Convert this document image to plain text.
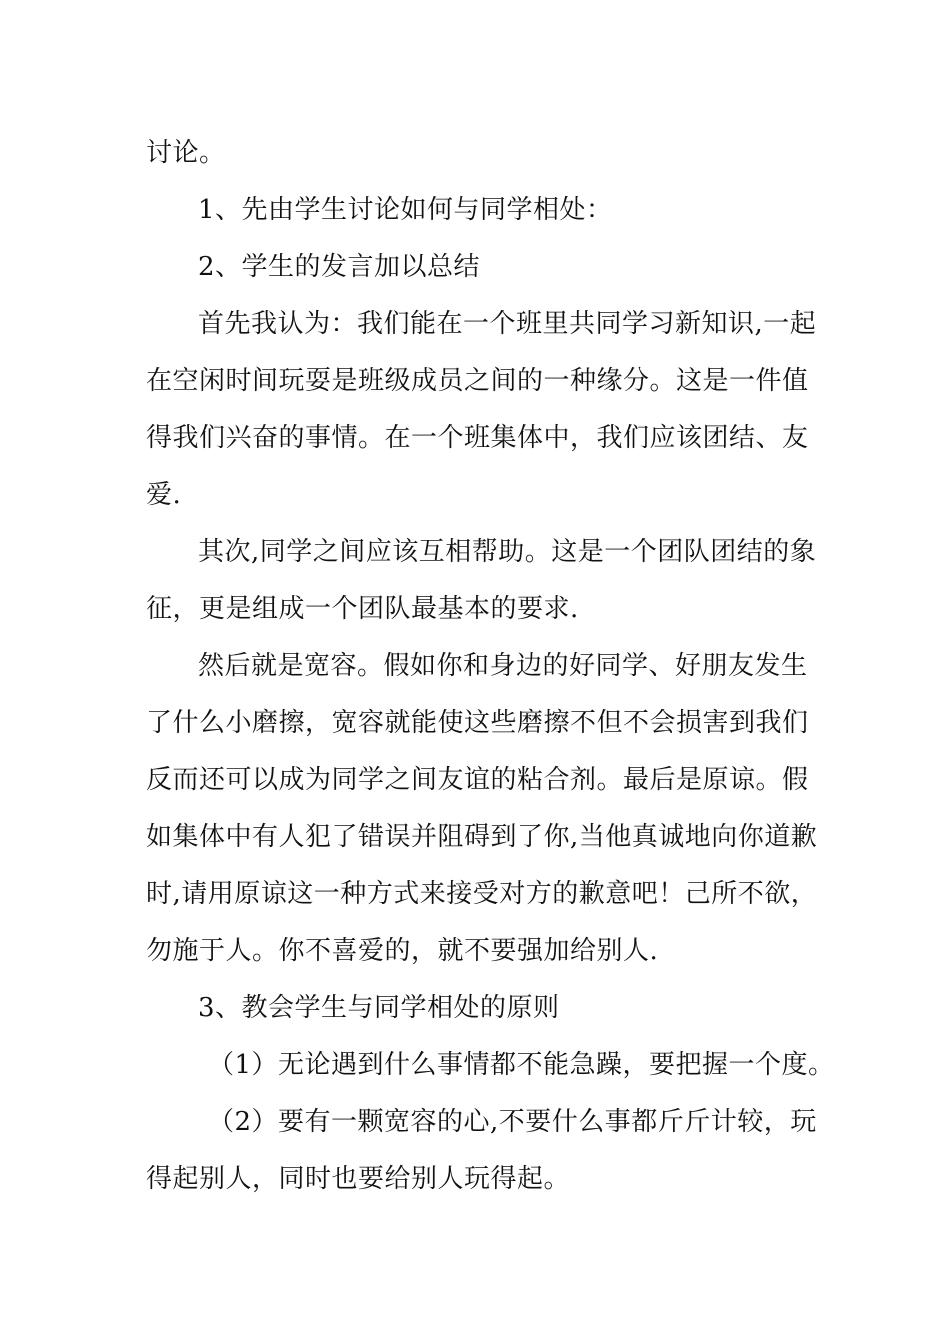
讨论。
1、先由学生讨论如何与同学相处：
2、学生的发言加以总结
首先我认为：我们能在一个班里共同学习新知识,一起
在空闲时间玩耍是班级成员之间的一种缘分。这是一件值
得我们兴奋的事情。在一个班集体中，我们应该团结、友
爱.
其次,同学之间应该互相帮助。这是一个团队团结的象
征，更是组成一个团队最基本的要求.
然后就是宽容。假如你和身边的好同学、好朋友发生
了什么小磨擦，宽容就能使这些磨擦不但不会损害到我们
反而还可以成为同学之间友谊的粘合剂。最后是原谅。假
如集体中有人犯了错误并阻碍到了你,当他真诚地向你道歉
时,请用原谅这一种方式来接受对方的歉意吧！己所不欲，
勿施于人。你不喜爱的，就不要强加给别人.
3、教会学生与同学相处的原则
（1）无论遇到什么事情都不能急躁，要把握一个度。
（2）要有一颗宽容的心,不要什么事都斤斤计较，玩
得起别人，同时也要给别人玩得起。
